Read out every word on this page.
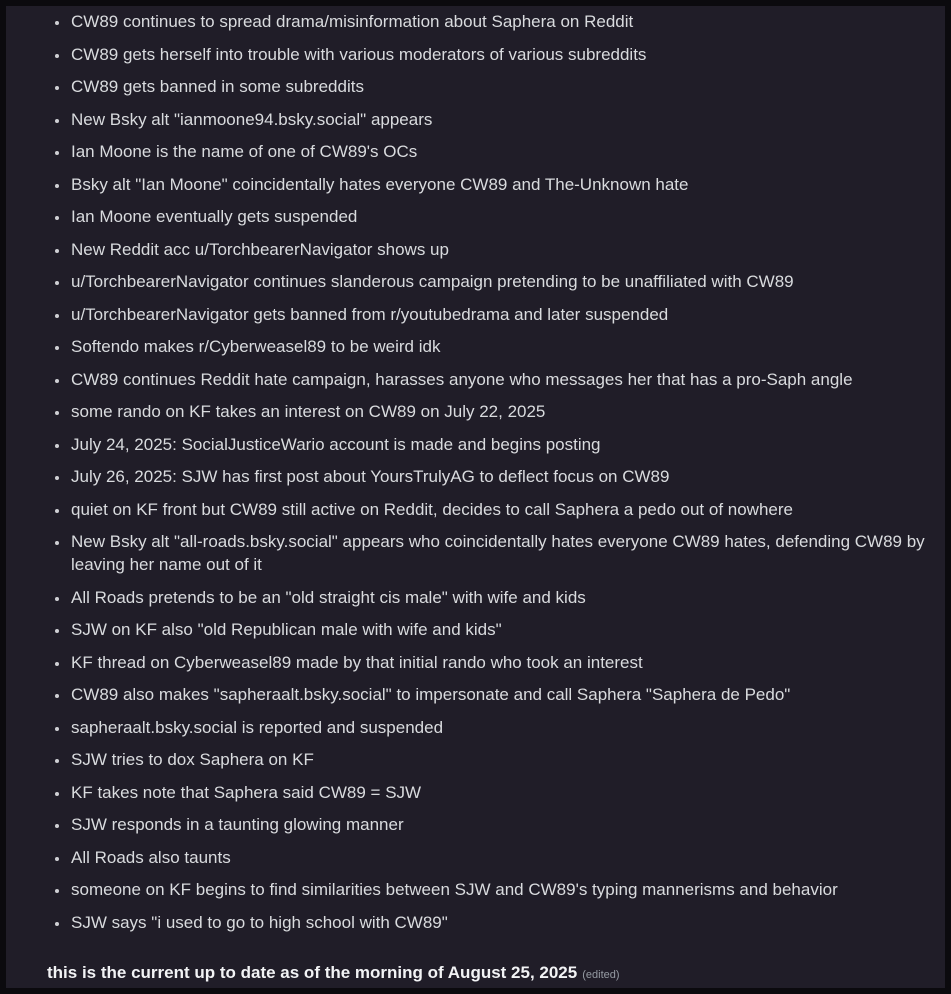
• CW89 continues to spread drama/misinformation about Saphera on Reddit
• CW89 gets herself into trouble with various moderators of various subreddits
• CW89 gets banned in some subreddits
• New Bsky alt "ianmoone94.bsky.social" appears
• Ian Moone is the name of one of CW89's OCs
• Bsky alt "Ian Moone" coincidentally hates everyone CW89 and The-Unknown hate
• Ian Moone eventually gets suspended
• New Reddit acc u/TorchbearerNavigator shows up
• u/TorchbearerNavigator continues slanderous campaign pretending to be unaffiliated with CW89
• u/TorchbearerNavigator gets banned from r/youtubedrama and later suspended
• Softendo makes r/Cyberweasel89 to be weird idk
• CW89 continues Reddit hate campaign, harasses anyone who messages her that has a pro-Saph angle
• some rando on KF takes an interest on CW89 on July 22, 2025
• July 24, 2025: SocialJusticeWario account is made and begins posting
• July 26, 2025: SJW has first post about YoursTrulyAG to deflect focus on CW89
• quiet on KF front but CW89 still active on Reddit, decides to call Saphera a pedo out of nowhere
• New Bsky alt "all-roads.bsky.social" appears who coincidentally hates everyone CW89 hates, defending CW89 by leaving her name out of it
• All Roads pretends to be an "old straight cis male" with wife and kids
• SJW on KF also "old Republican male with wife and kids"
• KF thread on Cyberweasel89 made by that initial rando who took an interest
• CW89 also makes "sapheraalt.bsky.social" to impersonate and call Saphera "Saphera de Pedo"
• sapheraalt.bsky.social is reported and suspended
• SJW tries to dox Saphera on KF
• KF takes note that Saphera said CW89 = SJW
• SJW responds in a taunting glowing manner
• All Roads also taunts
• someone on KF begins to find similarities between SJW and CW89's typing mannerisms and behavior
• SJW says "i used to go to high school with CW89"
this is the current up to date as of the morning of August 25, 2025 (edited)
